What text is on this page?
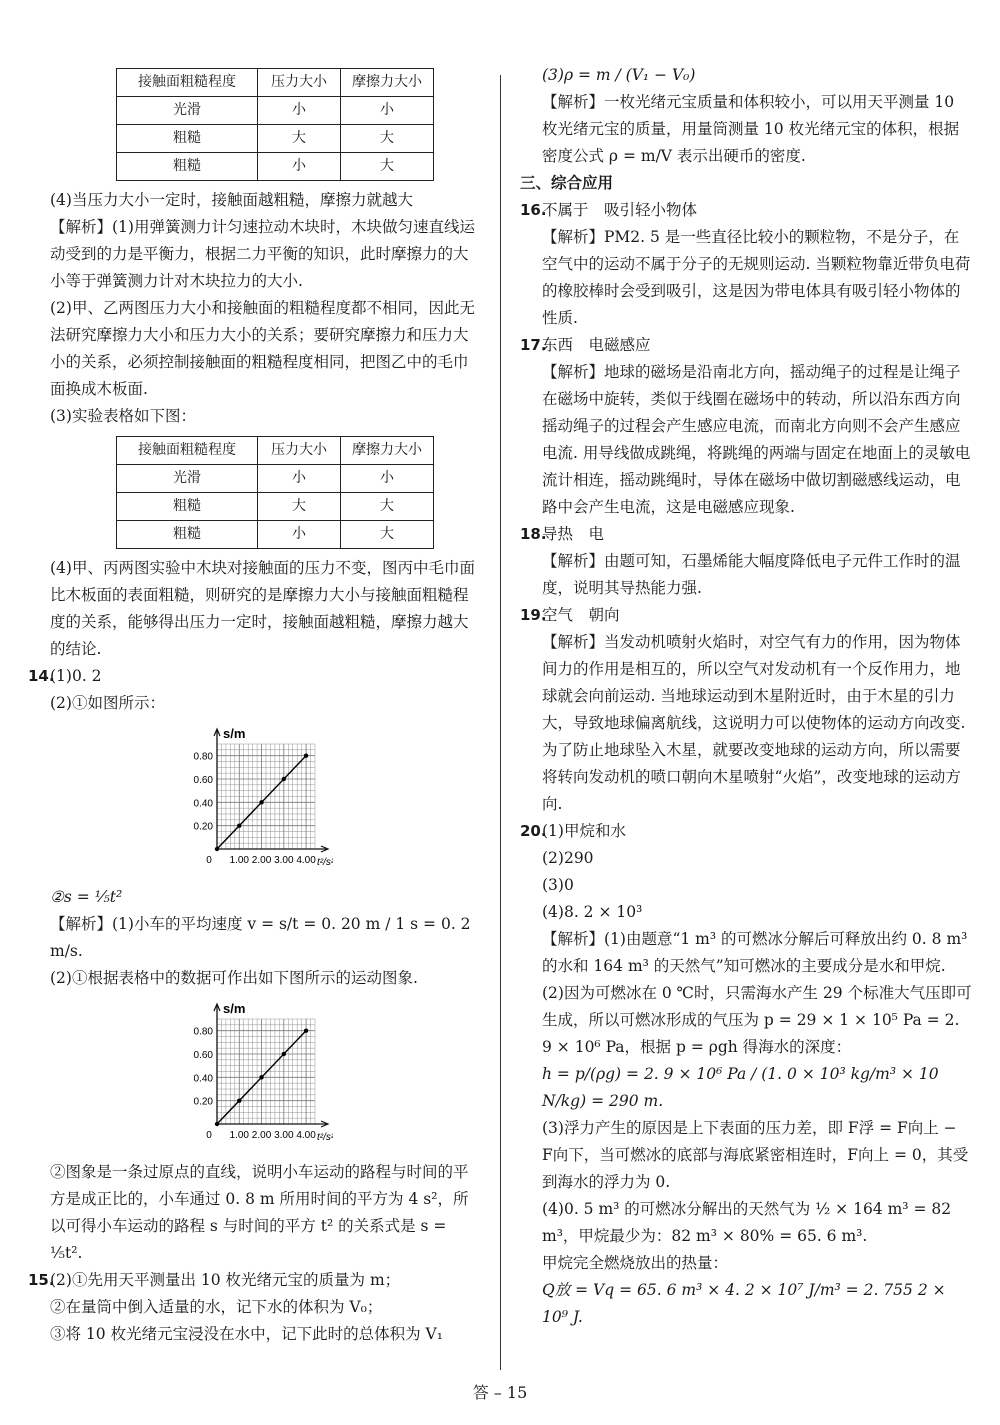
接触面粗糙程度	压力大小	摩擦力大小
光滑	小	小
粗糙	大	大
粗糙	小	大

(4)当压力大小一定时，接触面越粗糙，摩擦力就越大

【解析】(1)用弹簧测力计匀速拉动木块时，木块做匀速直线运动受到的力是平衡力，根据二力平衡的知识，此时摩擦力的大小等于弹簧测力计对木块拉力的大小.

(2)甲、乙两图压力大小和接触面的粗糙程度都不相同，因此无法研究摩擦力大小和压力大小的关系；要研究摩擦力和压力大小的关系，必须控制接触面的粗糙程度相同，把图乙中的毛巾面换成木板面.

(3)实验表格如下图：

接触面粗糙程度	压力大小	摩擦力大小
光滑	小	小
粗糙	大	大
粗糙	小	大

(4)甲、丙两图实验中木块对接触面的压力不变，图丙中毛巾面比木板面的表面粗糙，则研究的是摩擦力大小与接触面粗糙程度的关系，能够得出压力一定时，接触面越粗糙，摩擦力越大的结论.

14.

(1)0. 2

(2)①如图所示：

s/m
t²/s²
0.80
0.60
0.40
0.20
0 1.00 2.00 3.00 4.00

②s = ⅕t²

【解析】(1)小车的平均速度 v = s/t = 0. 20 m / 1 s = 0. 2 m/s.

(2)①根据表格中的数据可作出如下图所示的运动图象.

s/m
t²/s²
0.80
0.60
0.40
0.20
0 1.00 2.00 3.00 4.00

②图象是一条过原点的直线，说明小车运动的路程与时间的平方是成正比的，小车通过 0. 8 m 所用时间的平方为 4 s²，所以可得小车运动的路程 s 与时间的平方 t² 的关系式是 s = ⅕t².

15.

(2)①先用天平测量出 10 枚光绪元宝的质量为 m；

②在量筒中倒入适量的水，记下水的体积为 V₀；

③将 10 枚光绪元宝浸没在水中，记下此时的总体积为 V₁

(3)ρ = m / (V₁ − V₀)

【解析】一枚光绪元宝质量和体积较小，可以用天平测量 10 枚光绪元宝的质量，用量筒测量 10 枚光绪元宝的体积，根据密度公式 ρ = m/V 表示出硬币的密度.

三、综合应用

16.

不属于　吸引轻小物体

【解析】PM2. 5 是一些直径比较小的颗粒物，不是分子，在空气中的运动不属于分子的无规则运动. 当颗粒物靠近带负电荷的橡胶棒时会受到吸引，这是因为带电体具有吸引轻小物体的性质.

17.

东西　电磁感应

【解析】地球的磁场是沿南北方向，摇动绳子的过程是让绳子在磁场中旋转，类似于线圈在磁场中的转动，所以沿东西方向摇动绳子的过程会产生感应电流，而南北方向则不会产生感应电流. 用导线做成跳绳，将跳绳的两端与固定在地面上的灵敏电流计相连，摇动跳绳时，导体在磁场中做切割磁感线运动，电路中会产生电流，这是电磁感应现象.

18.

导热　电

【解析】由题可知，石墨烯能大幅度降低电子元件工作时的温度，说明其导热能力强.

19.

空气　朝向

【解析】当发动机喷射火焰时，对空气有力的作用，因为物体间力的作用是相互的，所以空气对发动机有一个反作用力，地球就会向前运动. 当地球运动到木星附近时，由于木星的引力大，导致地球偏离航线，这说明力可以使物体的运动方向改变. 为了防止地球坠入木星，就要改变地球的运动方向，所以需要将转向发动机的喷口朝向木星喷射“火焰”，改变地球的运动方向.

20.

(1)甲烷和水

(2)290

(3)0

(4)8. 2 × 10³

【解析】(1)由题意“1 m³ 的可燃冰分解后可释放出约 0. 8 m³ 的水和 164 m³ 的天然气”知可燃冰的主要成分是水和甲烷.

(2)因为可燃冰在 0 ℃时，只需海水产生 29 个标准大气压即可生成，所以可燃冰形成的气压为 p = 29 × 1 × 10⁵ Pa = 2. 9 × 10⁶ Pa，根据 p = ρgh 得海水的深度：

h = p/(ρg) = 2. 9 × 10⁶ Pa / (1. 0 × 10³ kg/m³ × 10 N/kg) = 290 m.

(3)浮力产生的原因是上下表面的压力差，即 F浮 = F向上 − F向下，当可燃冰的底部与海底紧密相连时，F向上 = 0，其受到海水的浮力为 0.

(4)0. 5 m³ 的可燃冰分解出的天然气为 ½ × 164 m³ = 82 m³，甲烷最少为：82 m³ × 80% = 65. 6 m³.

甲烷完全燃烧放出的热量：

Q放 = Vq = 65. 6 m³ × 4. 2 × 10⁷ J/m³ = 2. 755 2 × 10⁹ J.

答 – 15
